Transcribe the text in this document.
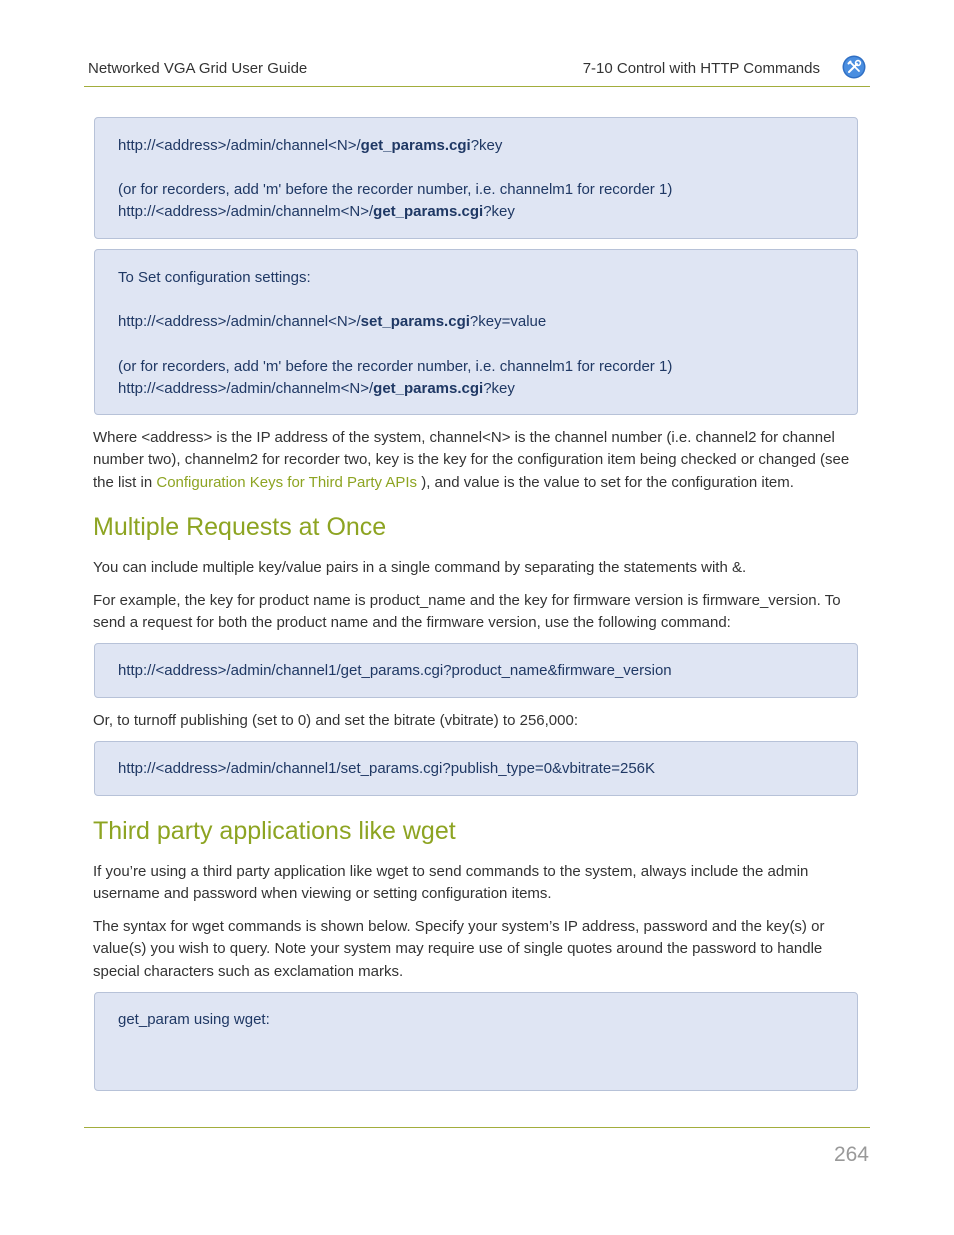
Networked VGA Grid User Guide	7-10 Control with HTTP Commands
http://<address>/admin/channel<N>/get_params.cgi?key
(or for recorders, add 'm' before the recorder number, i.e. channelm1 for recorder 1)
http://<address>/admin/channelm<N>/get_params.cgi?key
To Set configuration settings:
http://<address>/admin/channel<N>/set_params.cgi?key=value
(or for recorders, add 'm' before the recorder number, i.e. channelm1 for recorder 1)
http://<address>/admin/channelm<N>/get_params.cgi?key
Where <address> is the IP address of the system, channel<N> is the channel number (i.e. channel2 for channel number two), channelm2 for recorder two, key is the key for the configuration item being checked or changed (see the list in Configuration Keys for Third Party APIs ), and value is the value to set for the configuration item.
Multiple Requests at Once
You can include multiple key/value pairs in a single command by separating the statements with &.
For example, the key for product name is product_name and the key for firmware version is firmware_version. To send a request for both the product name and the firmware version, use the following command:
http://<address>/admin/channel1/get_params.cgi?product_name&firmware_version
Or, to turnoff publishing (set to 0) and set the bitrate (vbitrate) to 256,000:
http://<address>/admin/channel1/set_params.cgi?publish_type=0&vbitrate=256K
Third party applications like wget
If you’re using a third party application like wget to send commands to the system, always include the admin username and password when viewing or setting configuration items.
The syntax for wget commands is shown below. Specify your system’s IP address, password and the key(s) or value(s) you wish to query. Note your system may require use of single quotes around the password to handle special characters such as exclamation marks.
get_param using wget:
264
